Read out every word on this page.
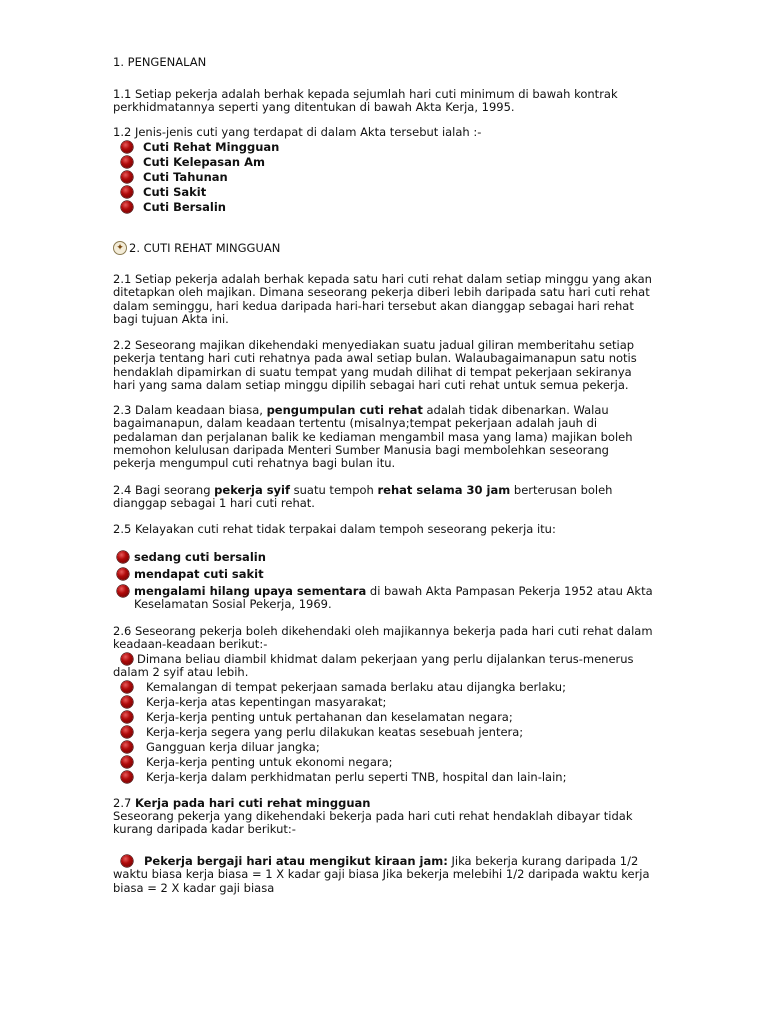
1. PENGENALAN
1.1 Setiap pekerja adalah berhak kepada sejumlah hari cuti minimum di bawah kontrak perkhidmatannya seperti yang ditentukan di bawah Akta Kerja, 1995.
1.2 Jenis-jenis cuti yang terdapat di dalam Akta tersebut ialah :-
Cuti Rehat Mingguan
Cuti Kelepasan Am
Cuti Tahunan
Cuti Sakit
Cuti Bersalin
✦ 2. CUTI REHAT MINGGUAN
2.1 Setiap pekerja adalah berhak kepada satu hari cuti rehat dalam setiap minggu yang akan ditetapkan oleh majikan. Dimana seseorang pekerja diberi lebih daripada satu hari cuti rehat dalam seminggu, hari kedua daripada hari-hari tersebut akan dianggap sebagai hari rehat bagi tujuan Akta ini.
2.2 Seseorang majikan dikehendaki menyediakan suatu jadual giliran memberitahu setiap pekerja tentang hari cuti rehatnya pada awal setiap bulan. Walaubagaimanapun satu notis hendaklah dipamirkan di suatu tempat yang mudah dilihat di tempat pekerjaan sekiranya hari yang sama dalam setiap minggu dipilih sebagai hari cuti rehat untuk semua pekerja.
2.3 Dalam keadaan biasa, pengumpulan cuti rehat adalah tidak dibenarkan. Walau bagaimanapun, dalam keadaan tertentu (misalnya;tempat pekerjaan adalah jauh di pedalaman dan perjalanan balik ke kediaman mengambil masa yang lama) majikan boleh memohon kelulusan daripada Menteri Sumber Manusia bagi membolehkan seseorang pekerja mengumpul cuti rehatnya bagi bulan itu.
2.4 Bagi seorang pekerja syif suatu tempoh rehat selama 30 jam berterusan boleh dianggap sebagai 1 hari cuti rehat.
2.5 Kelayakan cuti rehat tidak terpakai dalam tempoh seseorang pekerja itu:
sedang cuti bersalin
mendapat cuti sakit
mengalami hilang upaya sementara di bawah Akta Pampasan Pekerja 1952 atau Akta Keselamatan Sosial Pekerja, 1969.
2.6 Seseorang pekerja boleh dikehendaki oleh majikannya bekerja pada hari cuti rehat dalam keadaan-keadaan berikut:-
Dimana beliau diambil khidmat dalam pekerjaan yang perlu dijalankan terus-menerus dalam 2 syif atau lebih.
Kemalangan di tempat pekerjaan samada berlaku atau dijangka berlaku;
Kerja-kerja atas kepentingan masyarakat;
Kerja-kerja penting untuk pertahanan dan keselamatan negara;
Kerja-kerja segera yang perlu dilakukan keatas sesebuah jentera;
Gangguan kerja diluar jangka;
Kerja-kerja penting untuk ekonomi negara;
Kerja-kerja dalam perkhidmatan perlu seperti TNB, hospital dan lain-lain;
2.7 Kerja pada hari cuti rehat mingguan
Seseorang pekerja yang dikehendaki bekerja pada hari cuti rehat hendaklah dibayar tidak kurang daripada kadar berikut:-
Pekerja bergaji hari atau mengikut kiraan jam: Jika bekerja kurang daripada 1/2 waktu biasa kerja biasa = 1 X kadar gaji biasa Jika bekerja melebihi 1/2 daripada waktu kerja biasa = 2 X kadar gaji biasa
